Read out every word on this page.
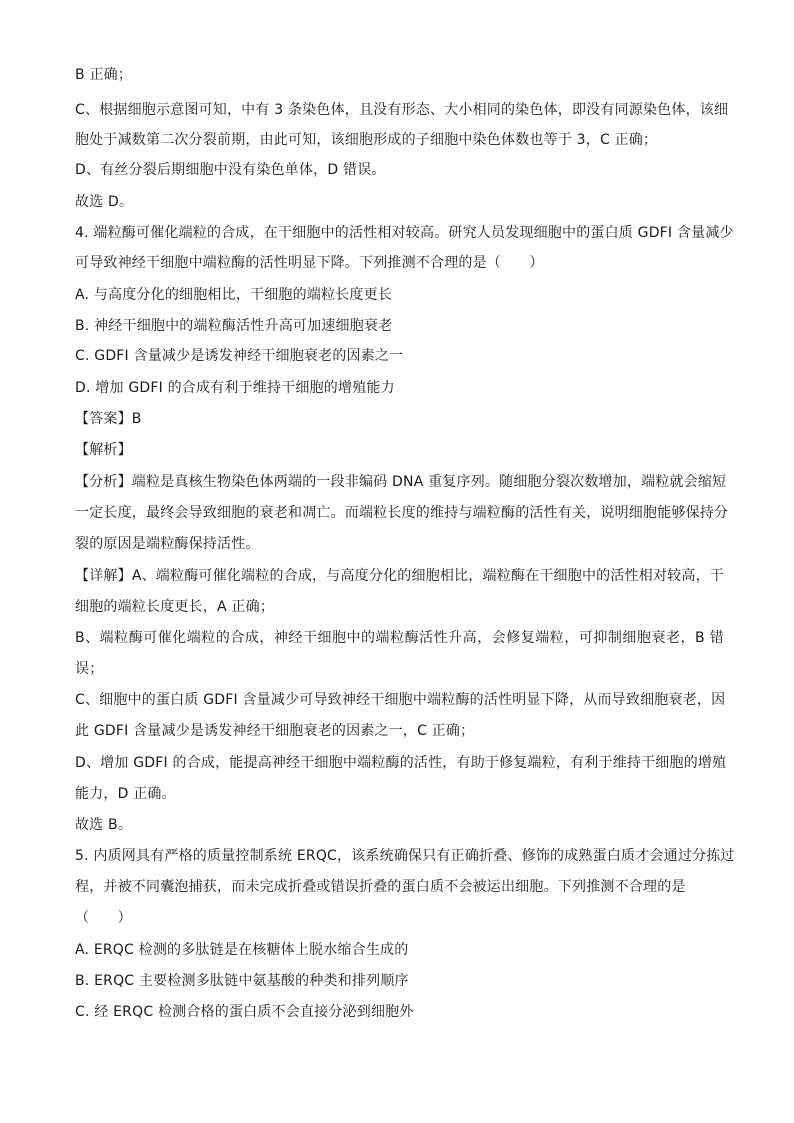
B 正确；
C、根据细胞示意图可知，中有 3 条染色体，且没有形态、大小相同的染色体，即没有同源染色体，该细
胞处于减数第二次分裂前期，由此可知，该细胞形成的子细胞中染色体数也等于 3，C 正确；
D、有丝分裂后期细胞中没有染色单体，D 错误。
故选 D。
4. 端粒酶可催化端粒的合成，在干细胞中的活性相对较高。研究人员发现细胞中的蛋白质 GDFI 含量减少
可导致神经干细胞中端粒酶的活性明显下降。下列推测不合理的是（　　）
A. 与高度分化的细胞相比，干细胞的端粒长度更长
B. 神经干细胞中的端粒酶活性升高可加速细胞衰老
C. GDFI 含量减少是诱发神经干细胞衰老的因素之一
D. 增加 GDFI 的合成有利于维持干细胞的增殖能力
【答案】B
【解析】
【分析】端粒是真核生物染色体两端的一段非编码 DNA 重复序列。随细胞分裂次数增加，端粒就会缩短
一定长度，最终会导致细胞的衰老和凋亡。而端粒长度的维持与端粒酶的活性有关，说明细胞能够保持分
裂的原因是端粒酶保持活性。
【详解】A、端粒酶可催化端粒的合成，与高度分化的细胞相比，端粒酶在干细胞中的活性相对较高，干
细胞的端粒长度更长，A 正确；
B、端粒酶可催化端粒的合成，神经干细胞中的端粒酶活性升高，会修复端粒，可抑制细胞衰老，B 错
误；
C、细胞中的蛋白质 GDFI 含量减少可导致神经干细胞中端粒酶的活性明显下降，从而导致细胞衰老，因
此 GDFI 含量减少是诱发神经干细胞衰老的因素之一，C 正确；
D、增加 GDFI 的合成，能提高神经干细胞中端粒酶的活性，有助于修复端粒，有利于维持干细胞的增殖
能力，D 正确。
故选 B。
5. 内质网具有严格的质量控制系统 ERQC，该系统确保只有正确折叠、修饰的成熟蛋白质才会通过分拣过
程，并被不同囊泡捕获，而未完成折叠或错误折叠的蛋白质不会被运出细胞。下列推测不合理的是
（　　）
A. ERQC 检测的多肽链是在核糖体上脱水缩合生成的
B. ERQC 主要检测多肽链中氨基酸的种类和排列顺序
C. 经 ERQC 检测合格的蛋白质不会直接分泌到细胞外
